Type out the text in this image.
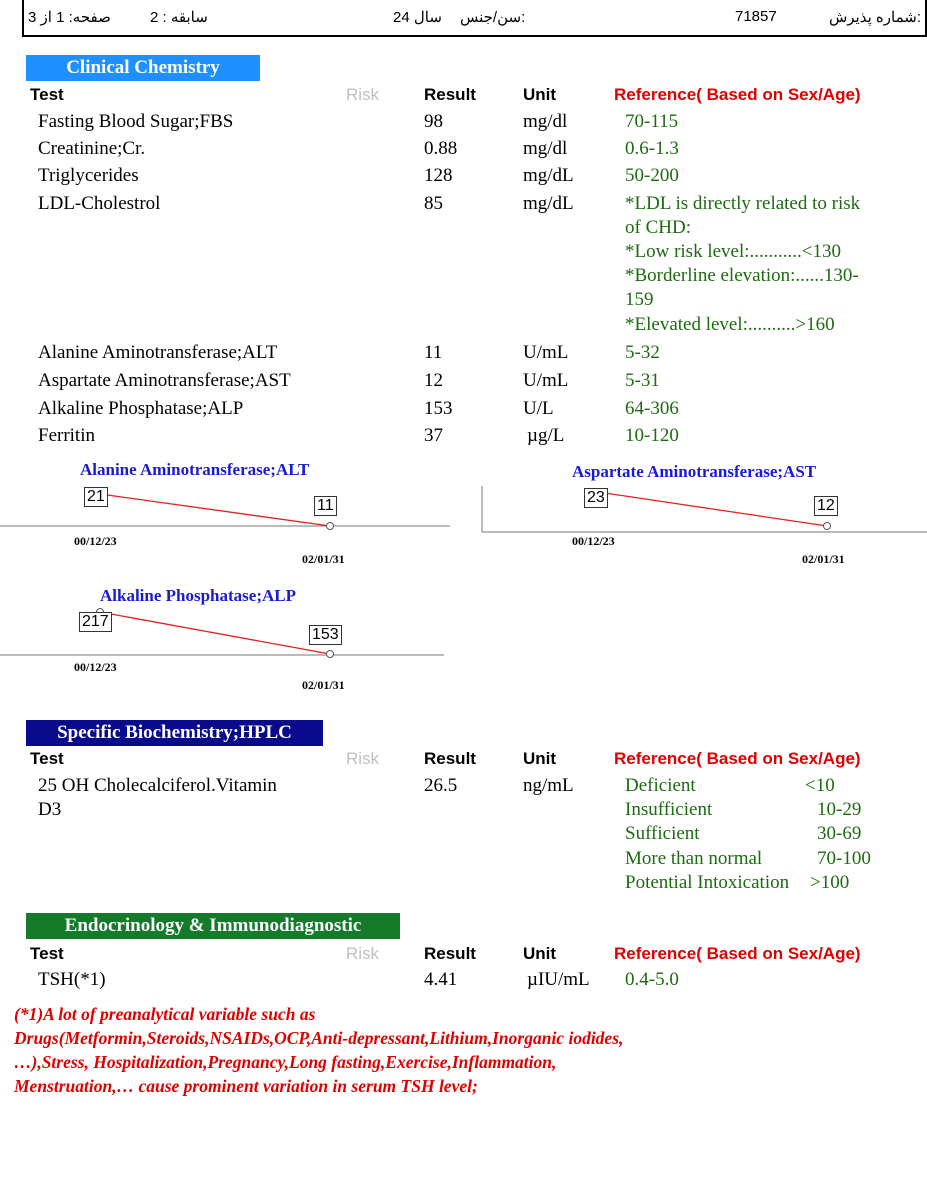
شماره پذیرش:
71857
سن/جنس:
24 سال
سابقه : 2
صفحه: 1 از 3
Clinical Chemistry
Test	Risk	Result	Unit	Reference( Based on Sex/Age)
Fasting Blood Sugar;FBS	98	mg/dl	70-115
Creatinine;Cr.	0.88	mg/dl	0.6-1.3
Triglycerides	128	mg/dL	50-200
LDL-Cholestrol	85	mg/dL	*LDL is directly related to risk
of CHD:
*Low risk level:...........<130
*Borderline elevation:......130-
159
*Elevated level:..........>160
Alanine Aminotransferase;ALT	11	U/mL	5-32
Aspartate Aminotransferase;AST	12	U/mL	5-31
Alkaline Phosphatase;ALP	153	U/L	64-306
Ferritin	37	µg/L	10-120
Alanine Aminotransferase;ALT
21
11
00/12/23
02/01/31
Aspartate Aminotransferase;AST
23	12
00/12/23
02/01/31
Alkaline Phosphatase;ALP
217
153
00/12/23
02/01/31
Specific Biochemistry;HPLC
Test	Risk	Result	Unit	Reference( Based on Sex/Age)
25 OH Cholecalciferol.Vitamin
D3
26.5	ng/mL	Deficient	<10
Insufficient	10-29
Sufficient	30-69
More than normal	70-100
Potential Intoxication >100
Endocrinology & Immunodiagnostic
Test	Risk	Result	Unit	Reference( Based on Sex/Age)
TSH(*1)	4.41	µIU/mL 0.4-5.0
(*1)A lot of preanalytical variable such as
Drugs(Metformin,Steroids,NSAIDs,OCP,Anti-depressant,Lithium,Inorganic iodides,
…),Stress, Hospitalization,Pregnancy,Long fasting,Exercise,Inflammation,
Menstruation,… cause prominent variation in serum TSH level;
